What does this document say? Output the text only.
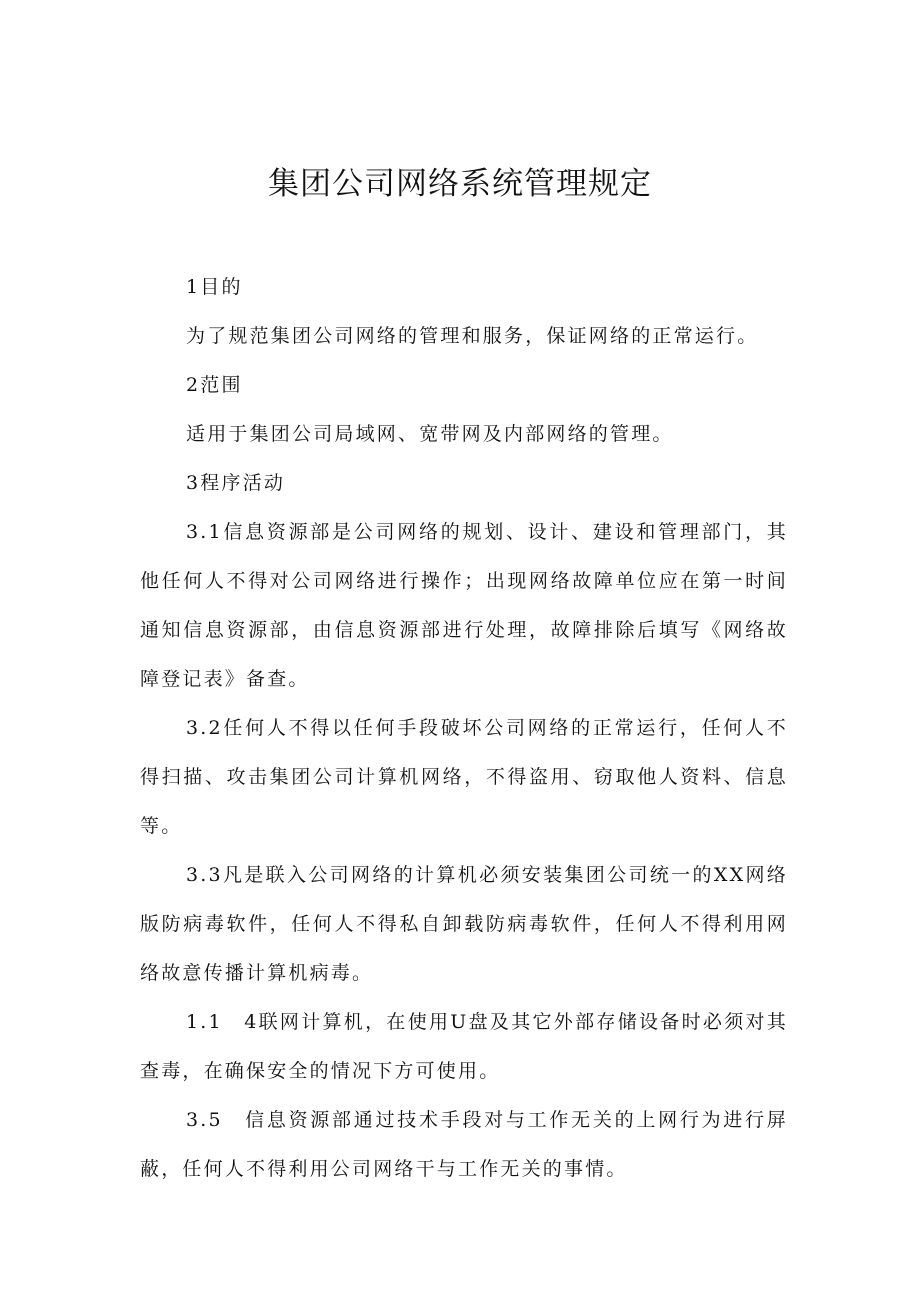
集团公司网络系统管理规定

1目的

为了规范集团公司网络的管理和服务，保证网络的正常运行。

2范围

适用于集团公司局域网、宽带网及内部网络的管理。

3程序活动

3.1信息资源部是公司网络的规划、设计、建设和管理部门，其他任何人不得对公司网络进行操作；出现网络故障单位应在第一时间通知信息资源部，由信息资源部进行处理，故障排除后填写《网络故障登记表》备查。

3.2任何人不得以任何手段破坏公司网络的正常运行，任何人不得扫描、攻击集团公司计算机网络，不得盗用、窃取他人资料、信息等。

3.3凡是联入公司网络的计算机必须安装集团公司统一的XX网络版防病毒软件，任何人不得私自卸载防病毒软件，任何人不得利用网络故意传播计算机病毒。

1.1　4联网计算机，在使用U盘及其它外部存储设备时必须对其查毒，在确保安全的情况下方可使用。

3.5　信息资源部通过技术手段对与工作无关的上网行为进行屏蔽，任何人不得利用公司网络干与工作无关的事情。
